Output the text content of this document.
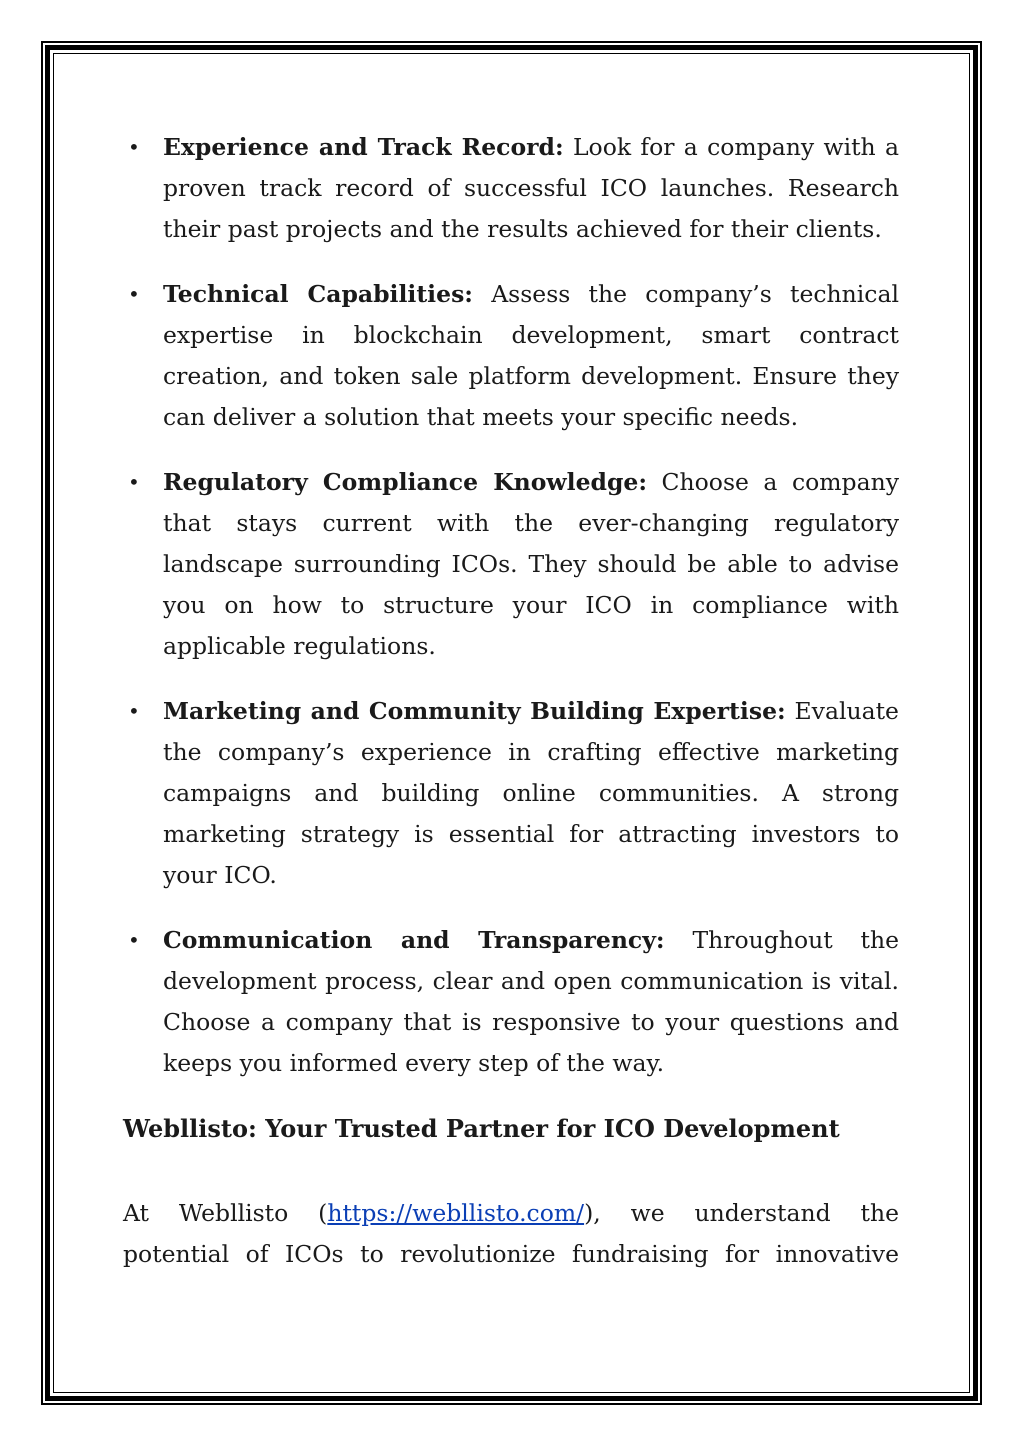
• Experience and Track Record: Look for a company with a proven track record of successful ICO launches. Research their past projects and the results achieved for their clients.
• Technical Capabilities: Assess the company’s technical expertise in blockchain development, smart contract creation, and token sale platform development. Ensure they can deliver a solution that meets your specific needs.
• Regulatory Compliance Knowledge: Choose a company that stays current with the ever-changing regulatory landscape surrounding ICOs. They should be able to advise you on how to structure your ICO in compliance with applicable regulations.
• Marketing and Community Building Expertise: Evaluate the company’s experience in crafting effective marketing campaigns and building online communities. A strong marketing strategy is essential for attracting investors to your ICO.
• Communication and Transparency: Throughout the development process, clear and open communication is vital. Choose a company that is responsive to your questions and keeps you informed every step of the way.
Webllisto: Your Trusted Partner for ICO Development

At Webllisto (https://webllisto.com/), we understand the potential of ICOs to revolutionize fundraising for innovative
